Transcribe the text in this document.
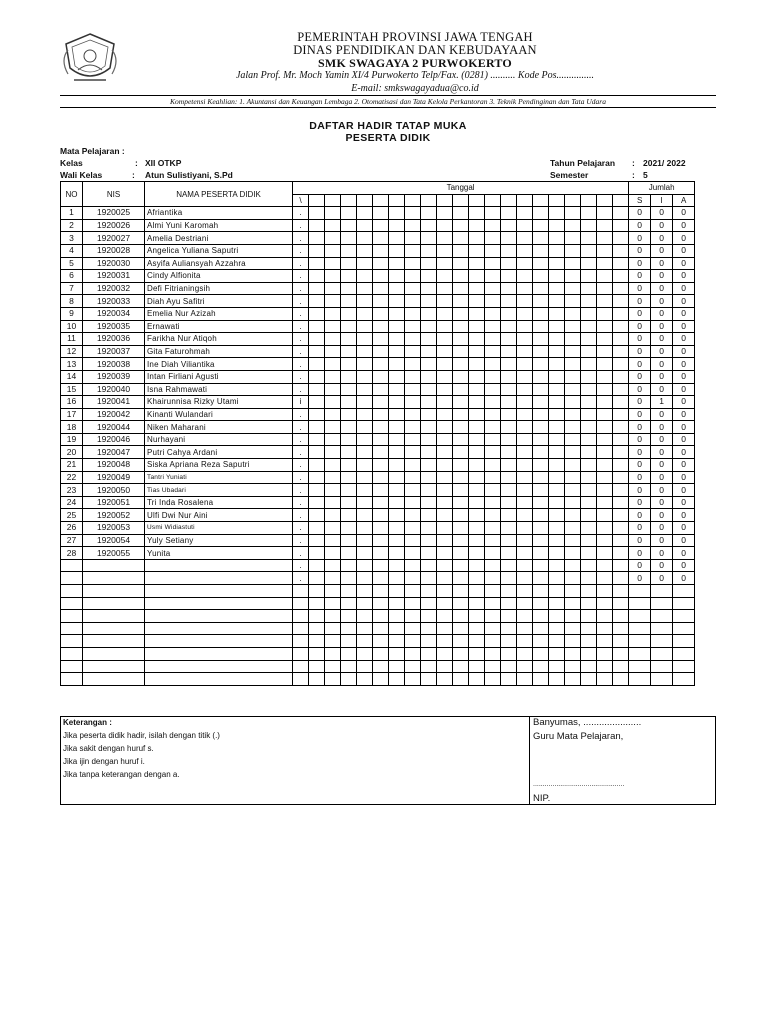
PEMERINTAH PROVINSI JAWA TENGAH
DINAS PENDIDIKAN DAN KEBUDAYAAN
SMK SWAGAYA 2 PURWOKERTO
Jalan Prof. Mr. Moch Yamin XI/4 Purwokerto Telp/Fax. (0281) .......... Kode Pos...............
E-mail: smkswagayadua@co.id
Kompetensi Keahlian: 1. Akuntansi dan Keuangan Lembaga 2. Otomatisasi dan Tata Kelola Perkantoran 3. Teknik Pendinginan dan Tata Udara
DAFTAR HADIR TATAP MUKA
PESERTA DIDIK
Mata Pelajaran :
Kelas	: XII OTKP
Wali Kelas	: Atun Sulistiyani, S.Pd
Tahun Pelajaran : 2021/ 2022
Semester	: 5
NO	NIS	NAMA PESERTA DIDIK	Tanggal																					Jumlah		
			\																							
																								S	I	A
1	1920025	Afriantika	.																					0	0	0
2	1920026	Almi Yuni Karomah	.																					0	0	0
3	1920027	Amelia Destriani	.																					0	0	0
4	1920028	Angelica Yuliana Saputri	.																					0	0	0
5	1920030	Asyifa Auliansyah Azzahra	.																					0	0	0
6	1920031	Cindy Alfionita	.																					0	0	0
7	1920032	Defi Fitrianingsih	.																					0	0	0
8	1920033	Diah Ayu Safitri	.																					0	0	0
9	1920034	Emelia Nur Azizah	.																					0	0	0
10	1920035	Ernawati	.																					0	0	0
11	1920036	Farikha Nur Atiqoh	.																					0	0	0
12	1920037	Gita Faturohmah	.																					0	0	0
13	1920038	Ine Diah Viliantika	.																					0	0	0
14	1920039	Intan Firliani Agusti	.																					0	0	0
15	1920040	Isna Rahmawati	.																					0	0	0
16	1920041	Khairunnisa Rizky Utami	i																					0	1	0
17	1920042	Kinanti Wulandari	.																					0	0	0
18	1920044	Niken Maharani	.																					0	0	0
19	1920046	Nurhayani	.																					0	0	0
20	1920047	Putri Cahya Ardani	.																					0	0	0
21	1920048	Siska Apriana Reza Saputri	.																					0	0	0
22	1920049	Tantri Yuniati	.																					0	0	0
23	1920050	Tias Ubadari	.																					0	0	0
24	1920051	Tri Inda Rosalena	.																					0	0	0
25	1920052	Ulfi Dwi Nur Aini	.																					0	0	0
26	1920053	Usmi Widiastuti	.																					0	0	0
27	1920054	Yuly Setiany	.																					0	0	0
28	1920055	Yunita	.																					0	0	0
			.																					0	0	0
			.																					0	0	0

Keterangan :
Jika peserta didik hadir, isilah dengan titik (.)
Jika sakit dengan huruf s.
Jika ijin dengan huruf i.
Jika tanpa keterangan dengan a.
Banyumas, ......................
Guru Mata Pelajaran,
...............................................
NIP.
